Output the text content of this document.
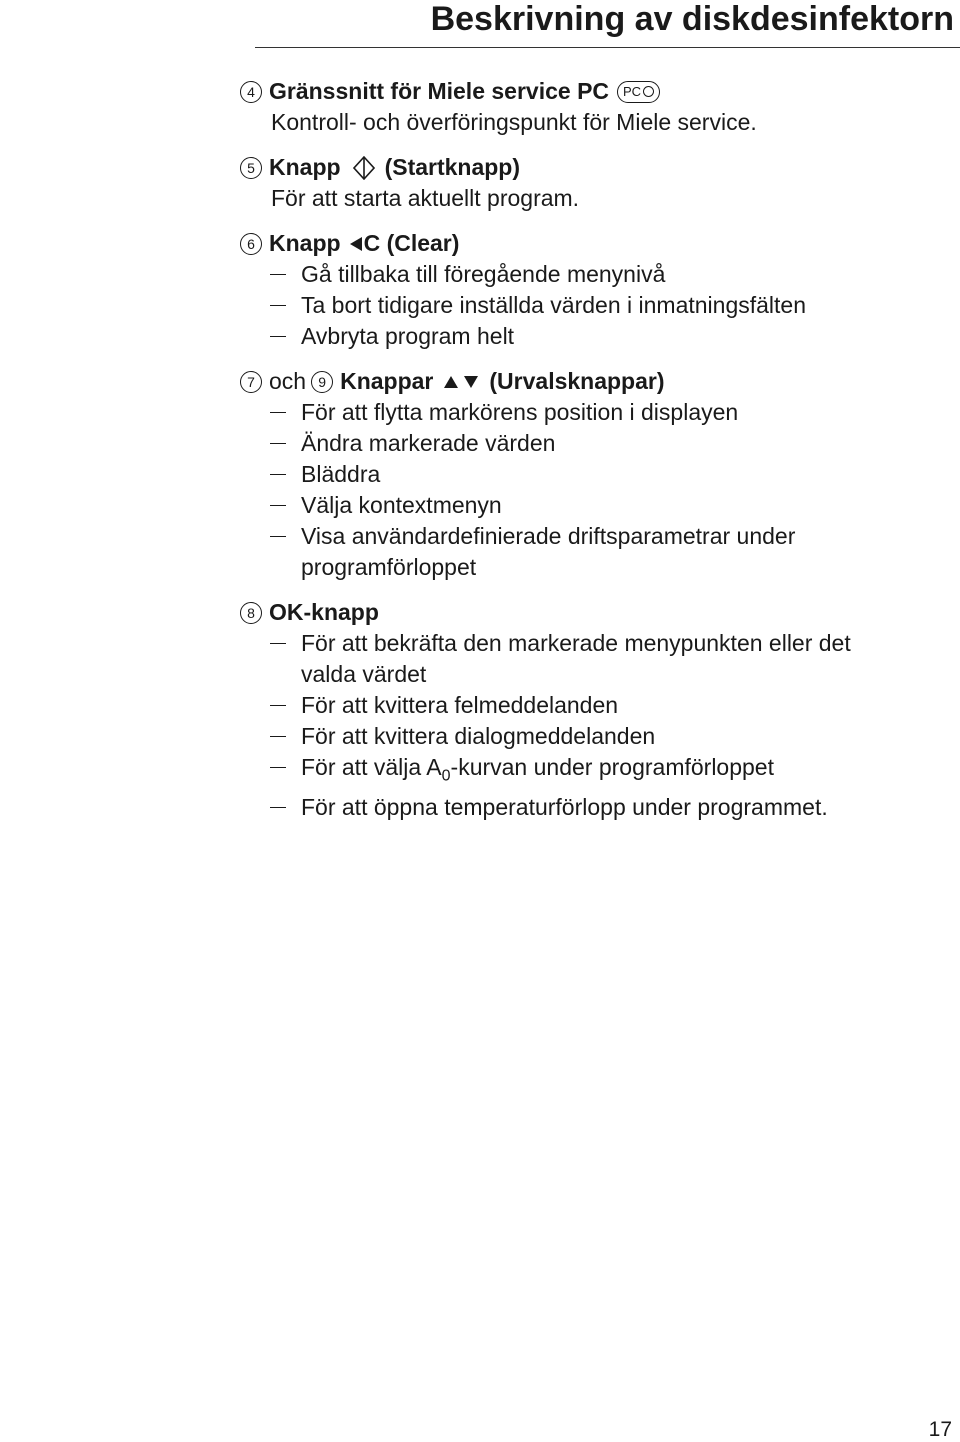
Beskrivning av diskdesinfektorn
4 Gränssnitt för Miele service PC PC
Kontroll- och överföringspunkt för Miele service.
5 Knapp (Startknapp)
För att starta aktuellt program.
6 Knapp C (Clear)
Gå tillbaka till föregående menynivå
Ta bort tidigare inställda värden i inmatningsfälten
Avbryta program helt
7 och 9 Knappar (Urvalsknappar)
För att flytta markörens position i displayen
Ändra markerade värden
Bläddra
Välja kontextmenyn
Visa användardefinierade driftsparametrar under
programförloppet
8 OK-knapp
För att bekräfta den markerade menypunkten eller det
valda värdet
För att kvittera felmeddelanden
För att kvittera dialogmeddelanden
För att välja $A_0$-kurvan under programförloppet
För att öppna temperaturförlopp under programmet.
17
